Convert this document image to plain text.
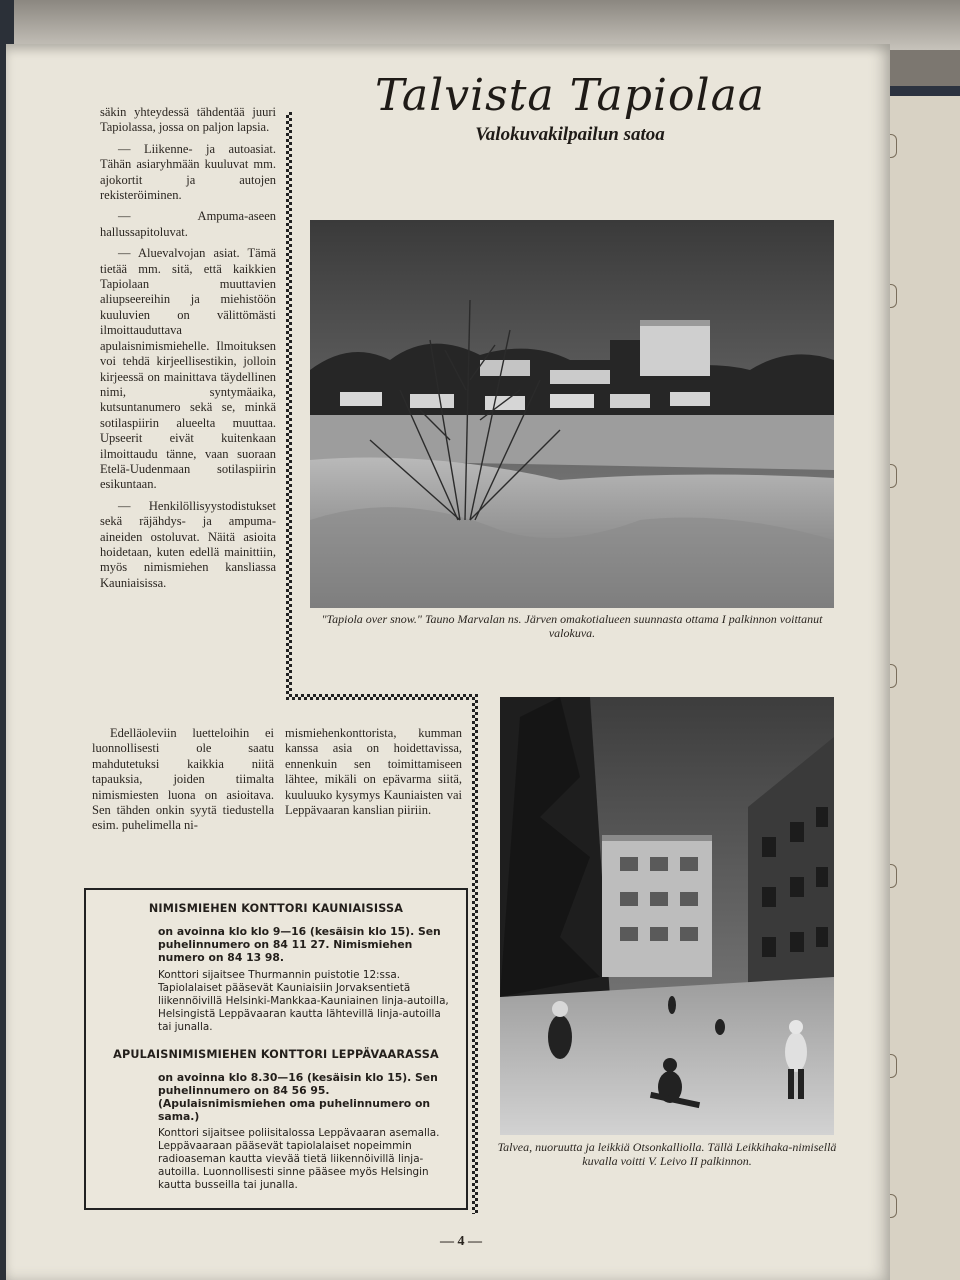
säkin yhteydessä tähdentää juuri Tapiolassa, jossa on paljon lapsia.

— Liikenne- ja autoasiat. Tähän asiaryhmään kuuluvat mm. ajokortit ja autojen rekisteröiminen.

— Ampuma-aseen hallussapitoluvat.

— Aluevalvojan asiat. Tämä tietää mm. sitä, että kaikkien Tapiolaan muuttavien aliupseereihin ja miehistöön kuuluvien on välittömästi ilmoittauduttava apulaisnimismiehelle. Ilmoituksen voi tehdä kirjeellisestikin, jolloin kirjeessä on mainittava täydellinen nimi, syntymäaika, kutsuntanumero sekä se, minkä sotilaspiirin alueelta muuttaa. Upseerit eivät kuitenkaan ilmoittaudu tänne, vaan suoraan Etelä-Uudenmaan sotilaspiirin esikuntaan.

— Henkilöllisyystodistukset sekä räjähdys- ja ampuma-aineiden ostoluvat. Näitä asioita hoidetaan, kuten edellä mainittiin, myös nimismiehen kansliassa Kauniaisissa.

Edelläoleviin luetteloihin ei luonnollisesti ole saatu mahdutetuksi kaikkia niitä tapauksia, joiden tiimalta nimismiesten luona on asioitava. Sen tähden onkin syytä tiedustella esim. puhelimella ni-

mismiehenkonttorista, kumman kanssa asia on hoidettavissa, ennenkuin sen toimittamiseen lähtee, mikäli on epävarma siitä, kuuluuko kysymys Kauniaisten vai Leppävaaran kanslian piiriin.

Talvista Tapiolaa
Valokuvakilpailun satoa
"Tapiola over snow." Tauno Marvalan ns. Järven omakotialueen suunnasta ottama I palkinnon voittanut valokuva.
Talvea, nuoruutta ja leikkiä Otsonkalliolla. Tällä Leikkihaka-nimisellä kuvalla voitti V. Leivo II palkinnon.
NIMISMIEHEN KONTTORI KAUNIAISISSA
on avoinna klo klo 9—16 (kesäisin klo 15). Sen puhelinnumero on 84 11 27. Nimismiehen numero on 84 13 98.
Konttori sijaitsee Thurmannin puistotie 12:ssa. Tapiolalaiset pääsevät Kauniaisiin Jorvaksentietä liikennöivillä Helsinki-Mankkaa-Kauniainen linja-autoilla, Helsingistä Leppävaaran kautta lähtevillä linja-autoilla tai junalla.
APULAISNIMISMIEHEN KONTTORI LEPPÄVAARASSA
on avoinna klo 8.30—16 (kesäisin klo 15). Sen puhelinnumero on 84 56 95. (Apulaisnimismiehen oma puhelinnumero on sama.)
Konttori sijaitsee poliisitalossa Leppävaaran asemalla. Leppävaaraan pääsevät tapiolalaiset nopeimmin radioaseman kautta vievää tietä liikennöivillä linja-autoilla. Luonnollisesti sinne pääsee myös Helsingin kautta busseilla tai junalla.
— 4 —
